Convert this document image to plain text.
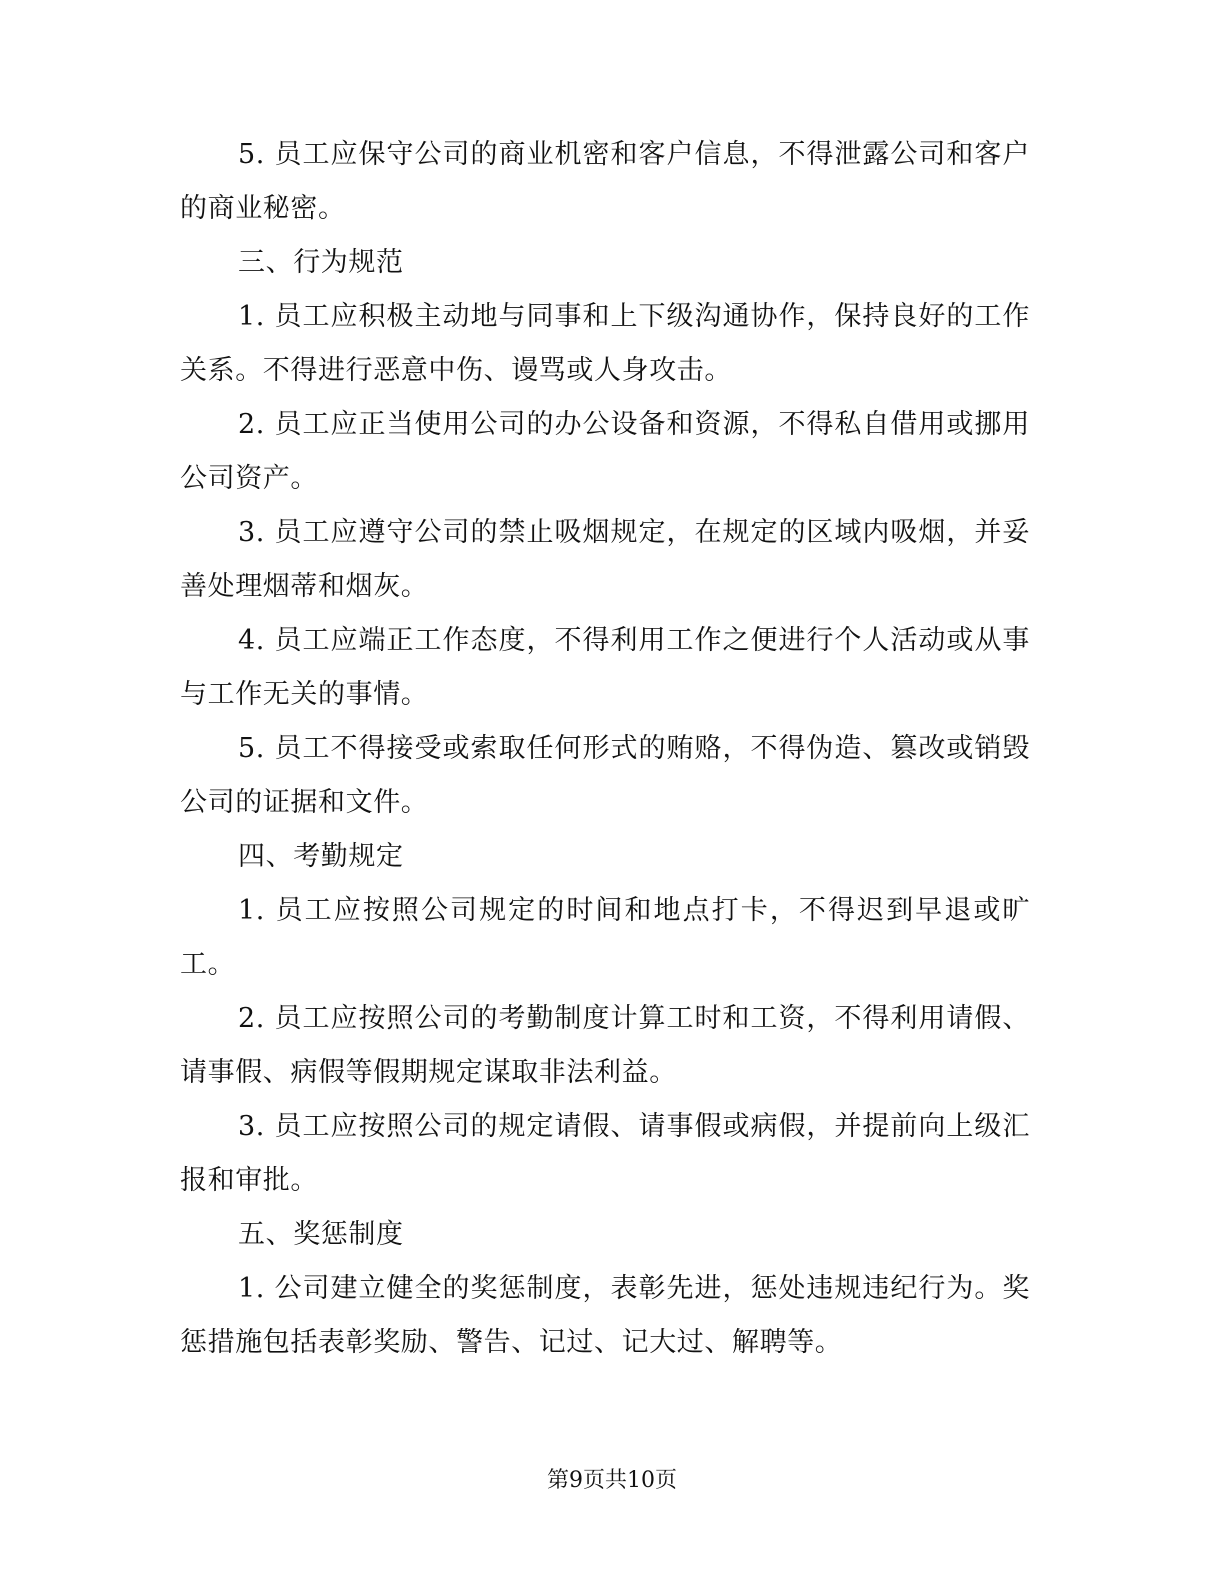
5. 员工应保守公司的商业机密和客户信息，不得泄露公司和客户的商业秘密。

三、行为规范

1. 员工应积极主动地与同事和上下级沟通协作，保持良好的工作关系。不得进行恶意中伤、谩骂或人身攻击。

2. 员工应正当使用公司的办公设备和资源，不得私自借用或挪用公司资产。

3. 员工应遵守公司的禁止吸烟规定，在规定的区域内吸烟，并妥善处理烟蒂和烟灰。

4. 员工应端正工作态度，不得利用工作之便进行个人活动或从事与工作无关的事情。

5. 员工不得接受或索取任何形式的贿赂，不得伪造、篡改或销毁公司的证据和文件。

四、考勤规定

1. 员工应按照公司规定的时间和地点打卡，不得迟到早退或旷工。

2. 员工应按照公司的考勤制度计算工时和工资，不得利用请假、请事假、病假等假期规定谋取非法利益。

3. 员工应按照公司的规定请假、请事假或病假，并提前向上级汇报和审批。

五、奖惩制度

1. 公司建立健全的奖惩制度，表彰先进，惩处违规违纪行为。奖惩措施包括表彰奖励、警告、记过、记大过、解聘等。

第9页共10页
